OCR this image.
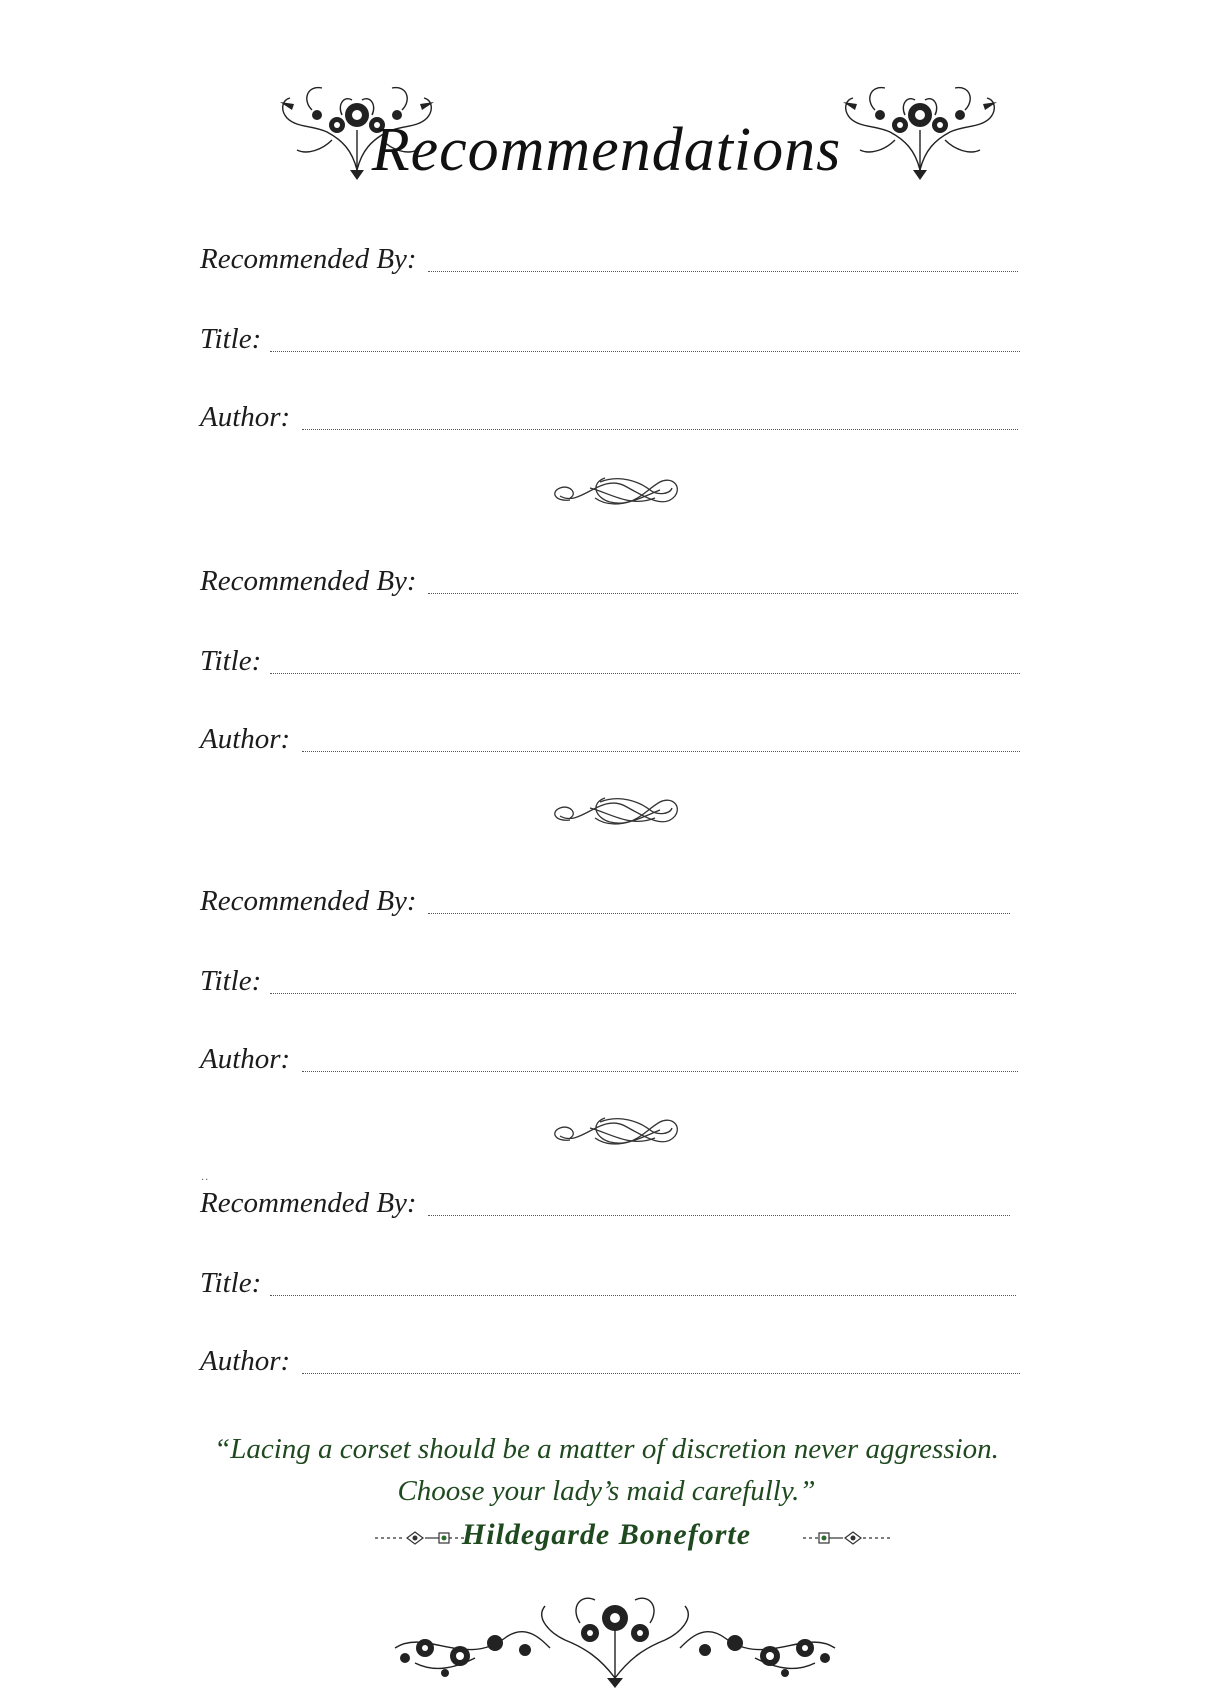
Recommendations
Recommended By:
Title:
Author:
Recommended By:
Title:
Author:
Recommended By:
Title:
Author:
..
Recommended By:
Title:
Author:
“Lacing a corset should be a matter of discretion never aggression.
Choose your lady’s maid carefully.”
Hildegarde Boneforte
